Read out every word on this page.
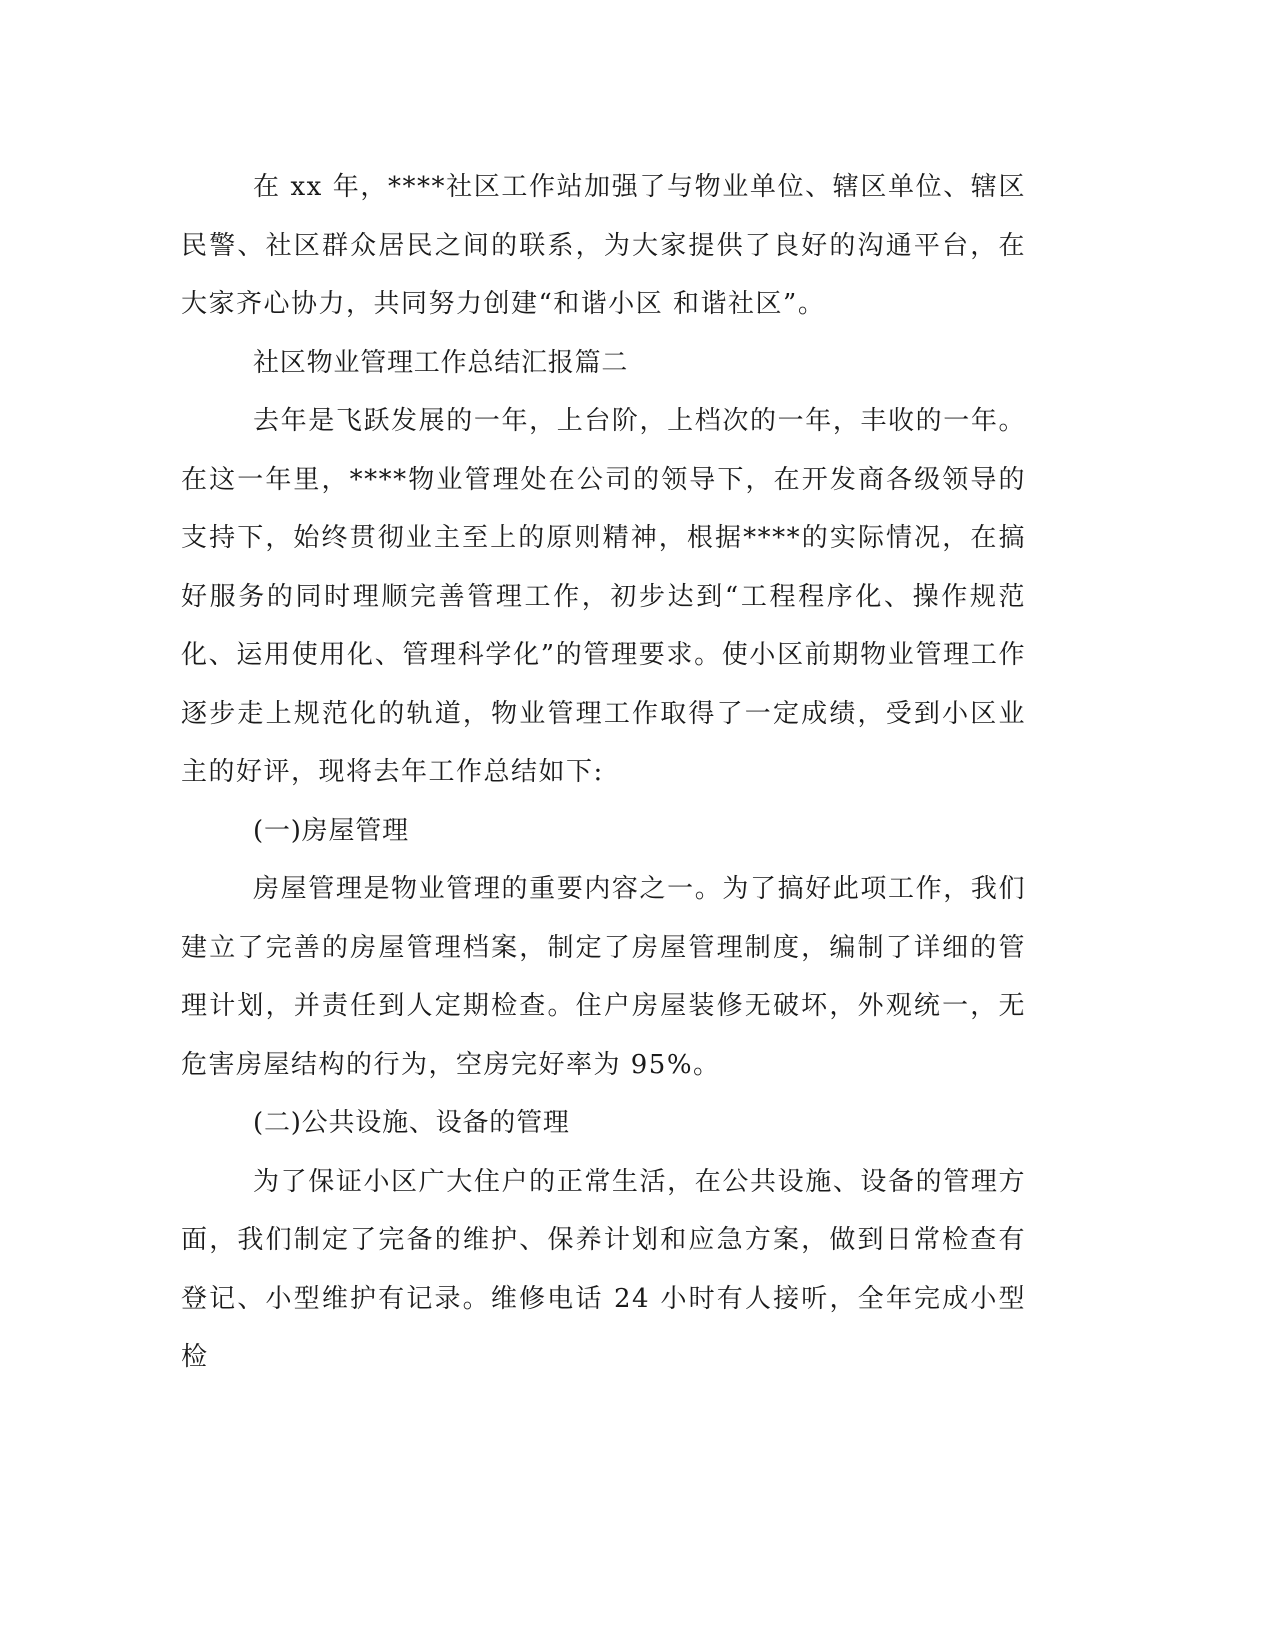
在 xx 年，****社区工作站加强了与物业单位、辖区单位、辖区民警、社区群众居民之间的联系，为大家提供了良好的沟通平台，在大家齐心协力，共同努力创建“和谐小区 和谐社区”。

社区物业管理工作总结汇报篇二

去年是飞跃发展的一年，上台阶，上档次的一年，丰收的一年。在这一年里，****物业管理处在公司的领导下，在开发商各级领导的支持下，始终贯彻业主至上的原则精神，根据****的实际情况，在搞好服务的同时理顺完善管理工作，初步达到“工程程序化、操作规范化、运用使用化、管理科学化”的管理要求。使小区前期物业管理工作逐步走上规范化的轨道，物业管理工作取得了一定成绩，受到小区业主的好评，现将去年工作总结如下:

(一)房屋管理

房屋管理是物业管理的重要内容之一。为了搞好此项工作，我们建立了完善的房屋管理档案，制定了房屋管理制度，编制了详细的管理计划，并责任到人定期检查。住户房屋装修无破坏，外观统一，无危害房屋结构的行为，空房完好率为 95%。

(二)公共设施、设备的管理

为了保证小区广大住户的正常生活，在公共设施、设备的管理方面，我们制定了完备的维护、保养计划和应急方案，做到日常检查有登记、小型维护有记录。维修电话 24 小时有人接听，全年完成小型检
